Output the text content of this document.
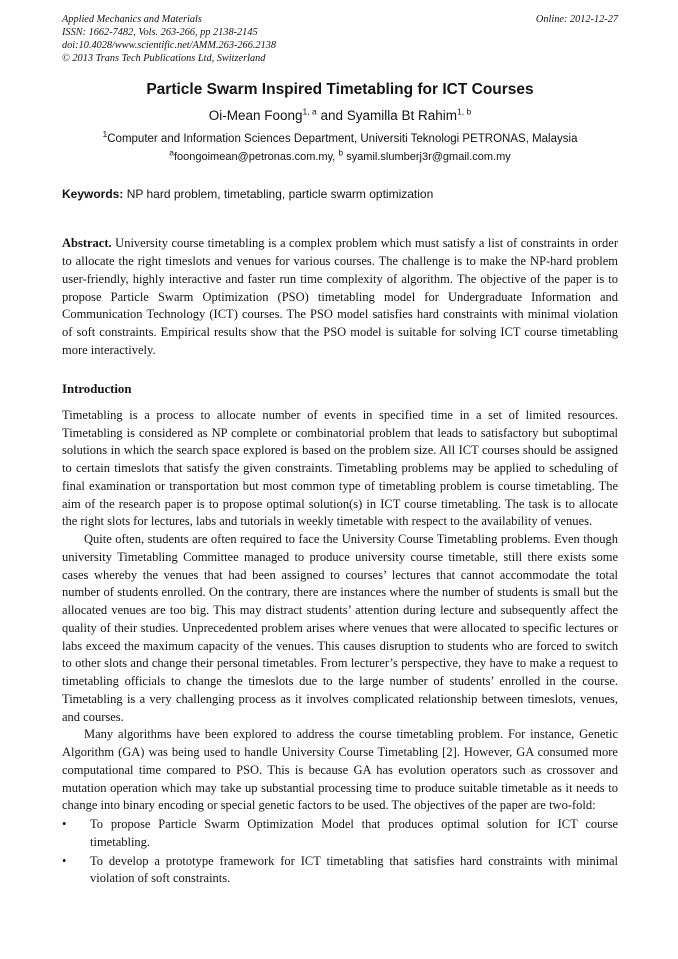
Applied Mechanics and Materials
ISSN: 1662-7482, Vols. 263-266, pp 2138-2145
doi:10.4028/www.scientific.net/AMM.263-266.2138
© 2013 Trans Tech Publications Ltd, Switzerland
Online: 2012-12-27
Particle Swarm Inspired Timetabling for ICT Courses
Oi-Mean Foong$^{1, a}$ and Syamilla Bt Rahim$^{1, b}$
$^1$Computer and Information Sciences Department, Universiti Teknologi PETRONAS, Malaysia
$^a$foongoimean@petronas.com.my, $^b$ syamil.slumberj3r@gmail.com.my
Keywords: NP hard problem, timetabling, particle swarm optimization

Abstract. University course timetabling is a complex problem which must satisfy a list of constraints in order to allocate the right timeslots and venues for various courses. The challenge is to make the NP-hard problem user-friendly, highly interactive and faster run time complexity of algorithm. The objective of the paper is to propose Particle Swarm Optimization (PSO) timetabling model for Undergraduate Information and Communication Technology (ICT) courses. The PSO model satisfies hard constraints with minimal violation of soft constraints. Empirical results show that the PSO model is suitable for solving ICT course timetabling more interactively.

Introduction

Timetabling is a process to allocate number of events in specified time in a set of limited resources. Timetabling is considered as NP complete or combinatorial problem that leads to satisfactory but suboptimal solutions in which the search space explored is based on the problem size. All ICT courses should be assigned to certain timeslots that satisfy the given constraints. Timetabling problems may be applied to scheduling of final examination or transportation but most common type of timetabling problem is course timetabling. The aim of the research paper is to propose optimal solution(s) in ICT course timetabling. The task is to allocate the right slots for lectures, labs and tutorials in weekly timetable with respect to the availability of venues.

Quite often, students are often required to face the University Course Timetabling problems. Even though university Timetabling Committee managed to produce university course timetable, still there exists some cases whereby the venues that had been assigned to courses’ lectures that cannot accommodate the total number of students enrolled. On the contrary, there are instances where the number of students is small but the allocated venues are too big. This may distract students’ attention during lecture and subsequently affect the quality of their studies. Unprecedented problem arises where venues that were allocated to specific lectures or labs exceed the maximum capacity of the venues. This causes disruption to students who are forced to switch to other slots and change their personal timetables. From lecturer’s perspective, they have to make a request to timetabling officials to change the timeslots due to the large number of students’ enrolled in the course. Timetabling is a very challenging process as it involves complicated relationship between timeslots, venues, and courses.

Many algorithms have been explored to address the course timetabling problem. For instance, Genetic Algorithm (GA) was being used to handle University Course Timetabling [2]. However, GA consumed more computational time compared to PSO. This is because GA has evolution operators such as crossover and mutation operation which may take up substantial processing time to produce suitable timetable as it needs to change into binary encoding or special genetic factors to be used. The objectives of the paper are two-fold:

•	To propose Particle Swarm Optimization Model that produces optimal solution for ICT course timetabling.
•	To develop a prototype framework for ICT timetabling that satisfies hard constraints with minimal violation of soft constraints.
